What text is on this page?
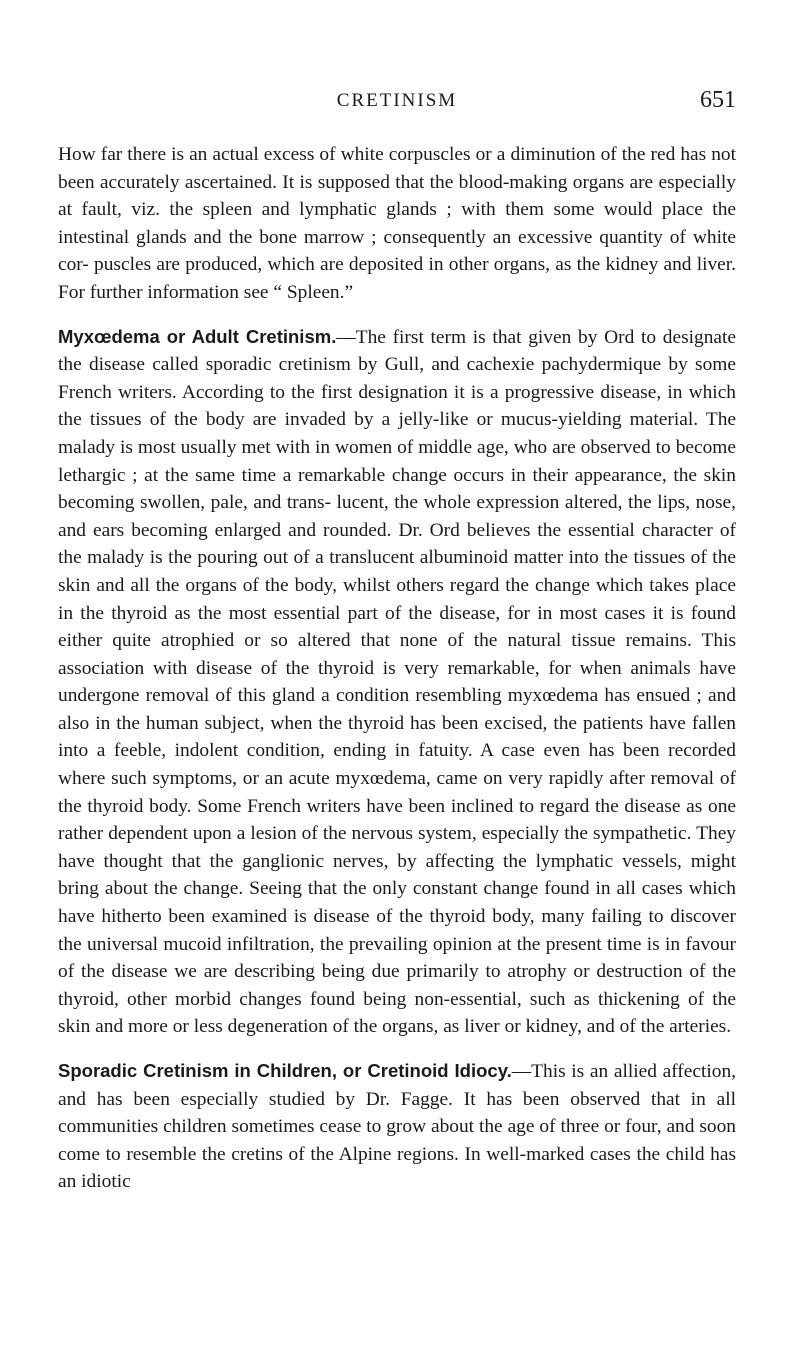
CRETINISM	651

How far there is an actual excess of white corpuscles or a diminution of the red has not been accurately ascertained. It is supposed that the blood-making organs are especially at fault, viz. the spleen and lymphatic glands ; with them some would place the intestinal glands and the bone marrow ; consequently an excessive quantity of white cor- puscles are produced, which are deposited in other organs, as the kidney and liver. For further information see “ Spleen.”

Myxœdema or Adult Cretinism.—The first term is that given by Ord to designate the disease called sporadic cretinism by Gull, and cachexie pachydermique by some French writers. According to the first designation it is a progressive disease, in which the tissues of the body are invaded by a jelly-like or mucus-yielding material. The malady is most usually met with in women of middle age, who are observed to become lethargic ; at the same time a remarkable change occurs in their appearance, the skin becoming swollen, pale, and trans- lucent, the whole expression altered, the lips, nose, and ears becoming enlarged and rounded. Dr. Ord believes the essential character of the malady is the pouring out of a translucent albuminoid matter into the tissues of the skin and all the organs of the body, whilst others regard the change which takes place in the thyroid as the most essential part of the disease, for in most cases it is found either quite atrophied or so altered that none of the natural tissue remains. This association with disease of the thyroid is very remarkable, for when animals have undergone removal of this gland a condition resembling myxœdema has ensued ; and also in the human subject, when the thyroid has been excised, the patients have fallen into a feeble, indolent condition, ending in fatuity. A case even has been recorded where such symptoms, or an acute myxœdema, came on very rapidly after removal of the thyroid body. Some French writers have been inclined to regard the disease as one rather dependent upon a lesion of the nervous system, especially the sympathetic. They have thought that the ganglionic nerves, by affecting the lymphatic vessels, might bring about the change. Seeing that the only constant change found in all cases which have hitherto been examined is disease of the thyroid body, many failing to discover the universal mucoid infiltration, the prevailing opinion at the present time is in favour of the disease we are describing being due primarily to atrophy or destruction of the thyroid, other morbid changes found being non-essential, such as thickening of the skin and more or less degeneration of the organs, as liver or kidney, and of the arteries.

Sporadic Cretinism in Children, or Cretinoid Idiocy.—This is an allied affection, and has been especially studied by Dr. Fagge. It has been observed that in all communities children sometimes cease to grow about the age of three or four, and soon come to resemble the cretins of the Alpine regions. In well-marked cases the child has an idiotic
